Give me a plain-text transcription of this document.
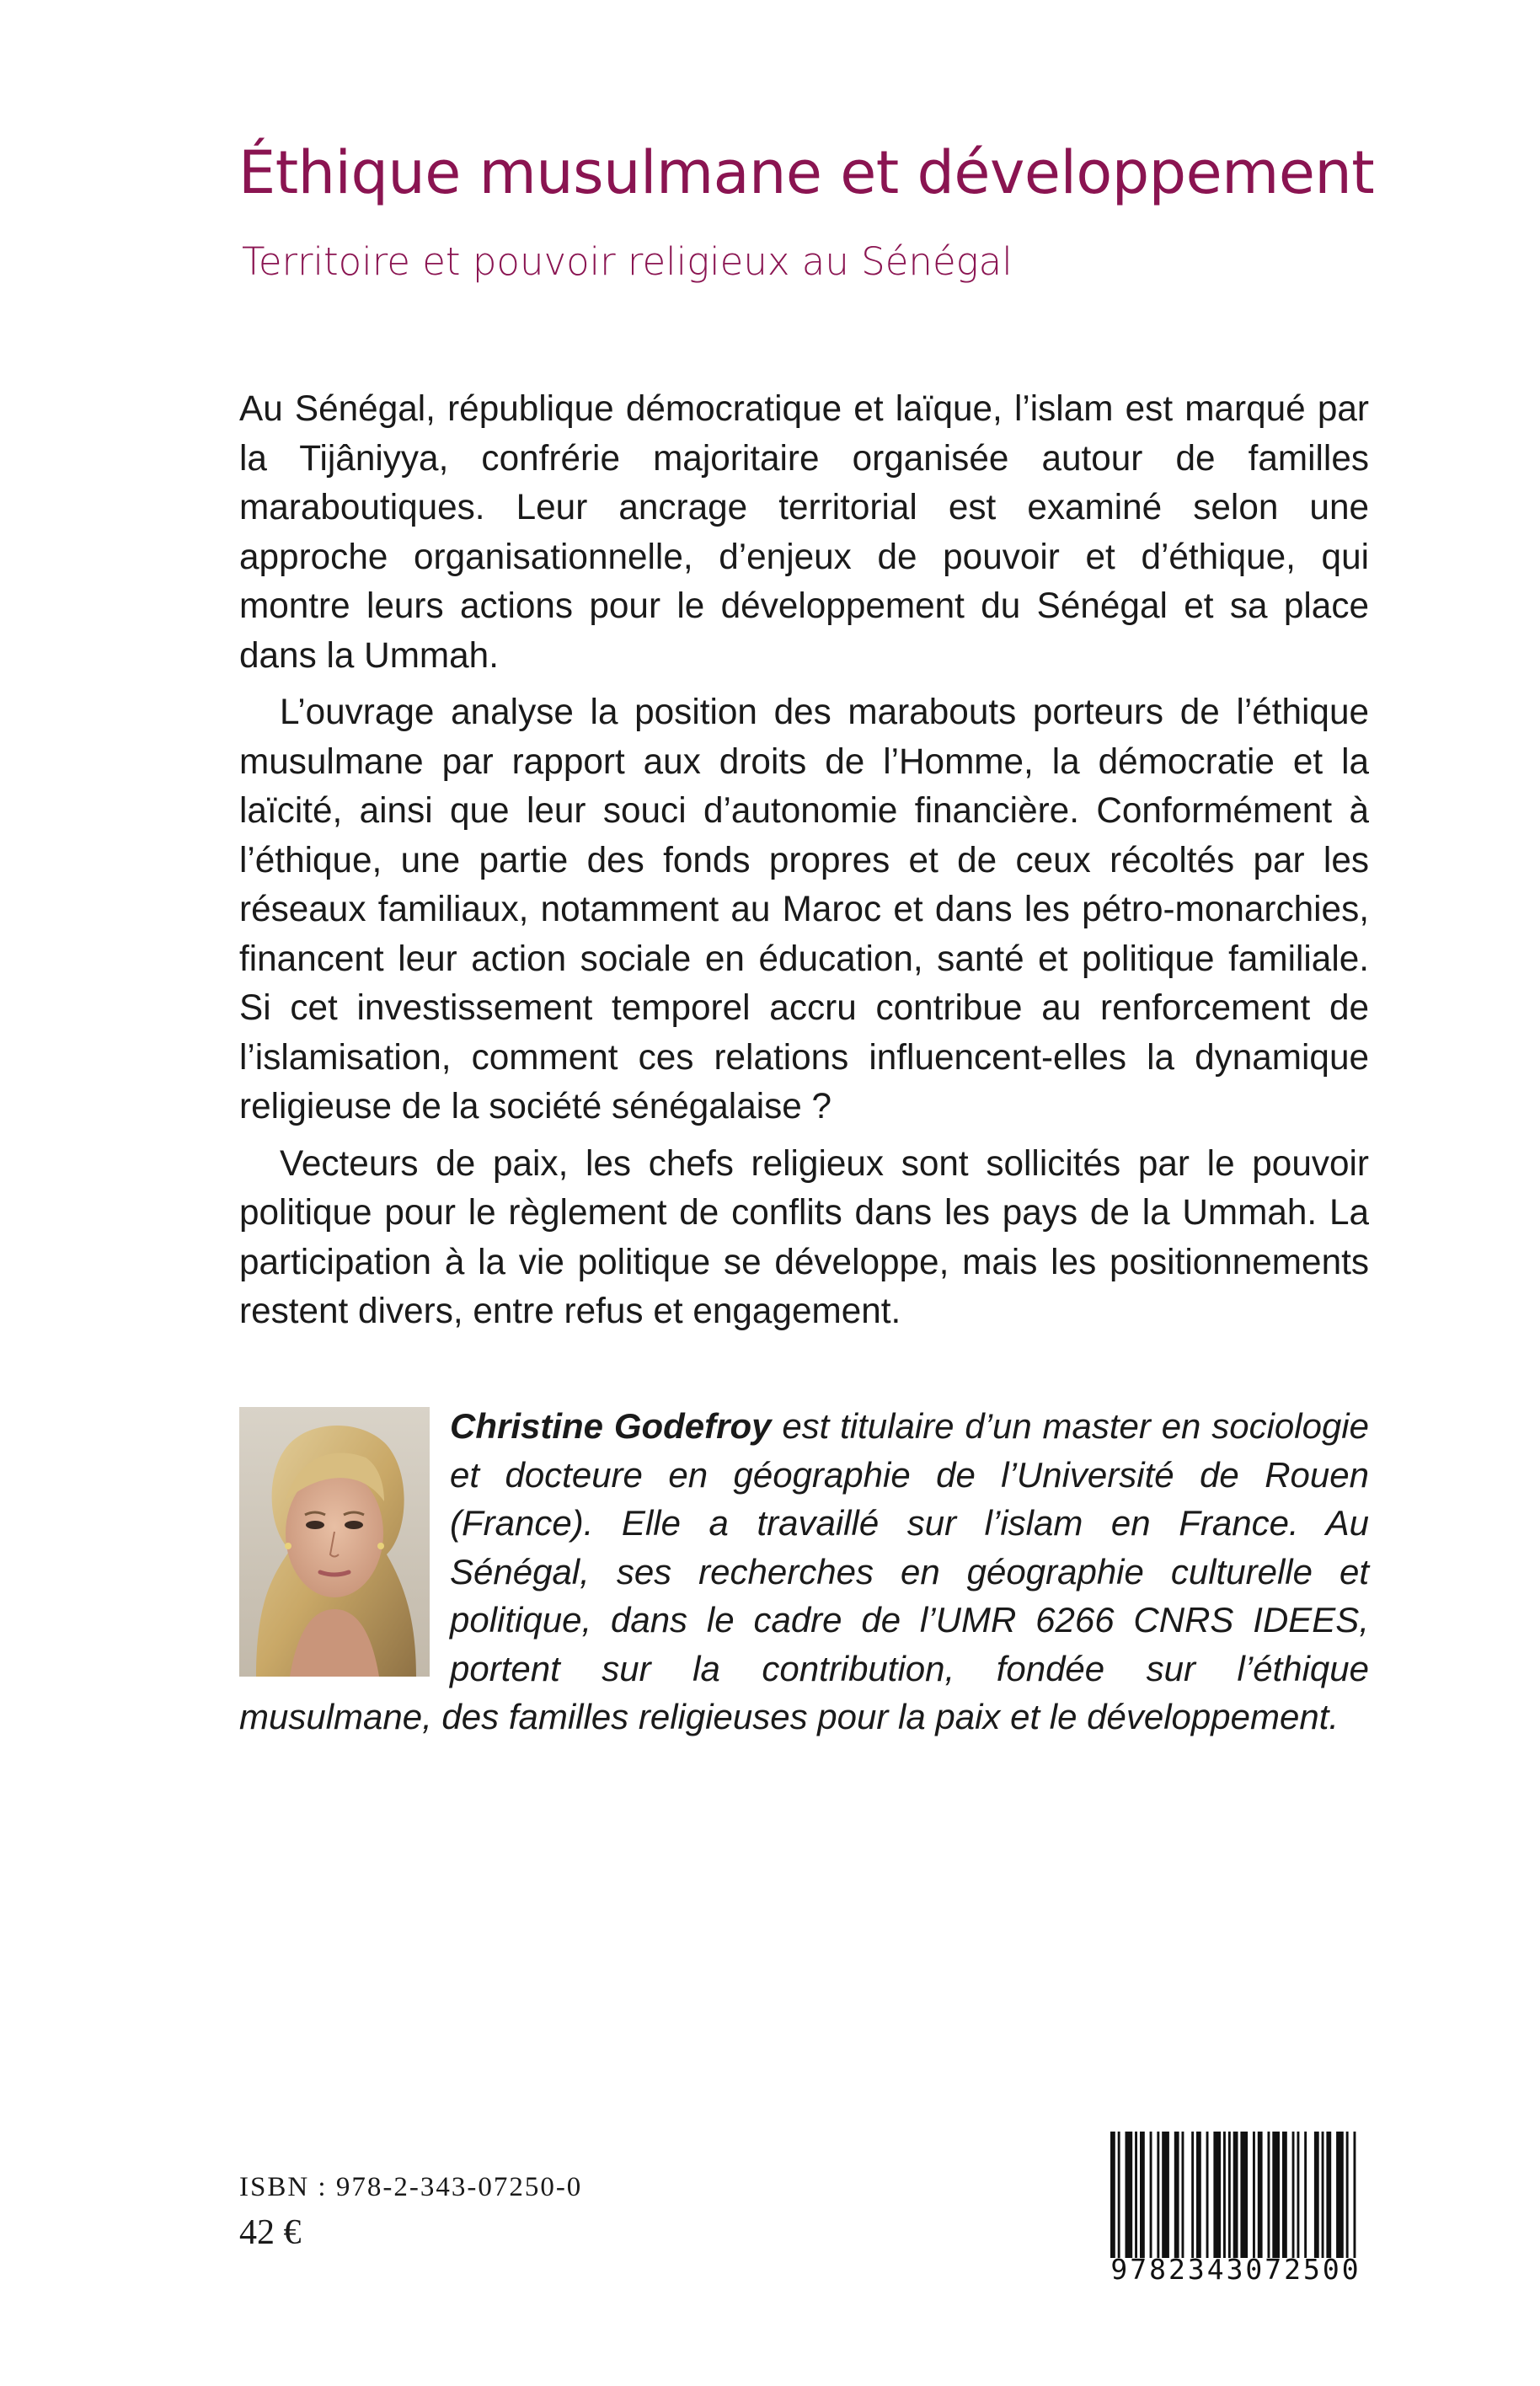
Éthique musulmane et développement
Territoire et pouvoir religieux au Sénégal

Au Sénégal, république démocratique et laïque, l’islam est marqué par la Tijâniyya, confrérie majoritaire organisée autour de familles maraboutiques. Leur ancrage territorial est examiné selon une approche organisationnelle, d’enjeux de pouvoir et d’éthique, qui montre leurs actions pour le développement du Sénégal et sa place dans la Ummah.

L’ouvrage analyse la position des marabouts porteurs de l’éthique musulmane par rapport aux droits de l’Homme, la démocratie et la laïcité, ainsi que leur souci d’autonomie financière. Conformément à l’éthique, une partie des fonds propres et de ceux récoltés par les réseaux familiaux, notamment au Maroc et dans les pétro-monarchies, financent leur action sociale en éducation, santé et politique familiale. Si cet investissement temporel accru contribue au renforcement de l’islamisation, comment ces relations influencent-elles la dynamique religieuse de la société sénégalaise ?

Vecteurs de paix, les chefs religieux sont sollicités par le pouvoir politique pour le règlement de conflits dans les pays de la Ummah. La participation à la vie politique se développe, mais les positionnements restent divers, entre refus et engagement.

Christine Godefroy est titulaire d’un master en sociologie et docteure en géographie de l’Université de Rouen (France). Elle a travaillé sur l’islam en France. Au Sénégal, ses recherches en géographie culturelle et politique, dans le cadre de l’UMR 6266 CNRS IDEES, portent sur la contribution, fondée sur l’éthique musulmane, des familles religieuses pour la paix et le développement.
ISBN : 978-2-343-07250-0
42 €
9782343072500
